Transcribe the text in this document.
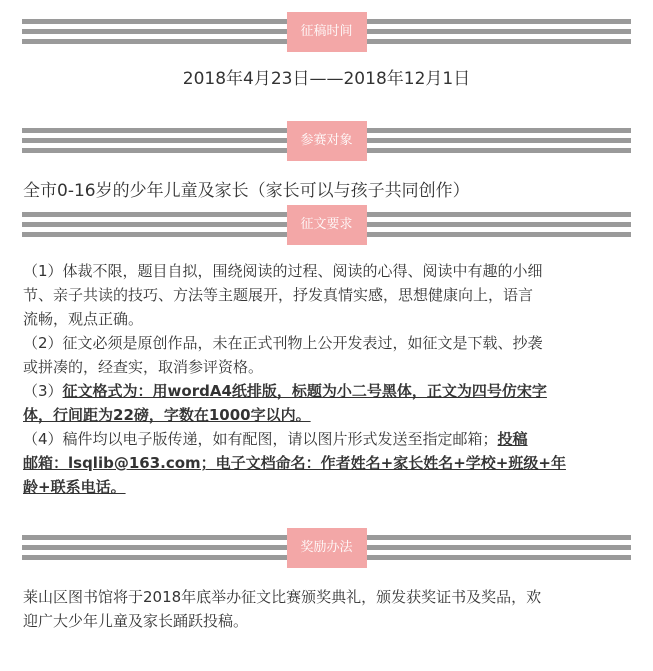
征稿时间
2018年4月23日——2018年12月1日
参赛对象
全市0-16岁的少年儿童及家长（家长可以与孩子共同创作）
征文要求
（1）体裁不限，题目自拟，围绕阅读的过程、阅读的心得、阅读中有趣的小细
节、亲子共读的技巧、方法等主题展开，抒发真情实感，思想健康向上，语言
流畅，观点正确。
（2）征文必须是原创作品，未在正式刊物上公开发表过，如征文是下载、抄袭
或拼凑的，经查实，取消参评资格。
（3）征文格式为：用wordA4纸排版，标题为小二号黑体，正文为四号仿宋字
体，行间距为22磅，字数在1000字以内。
（4）稿件均以电子版传递，如有配图，请以图片形式发送至指定邮箱；投稿
邮箱：lsqlib@163.com；电子文档命名：作者姓名+家长姓名+学校+班级+年
龄+联系电话。
奖励办法
莱山区图书馆将于2018年底举办征文比赛颁奖典礼，颁发获奖证书及奖品，欢
迎广大少年儿童及家长踊跃投稿。
